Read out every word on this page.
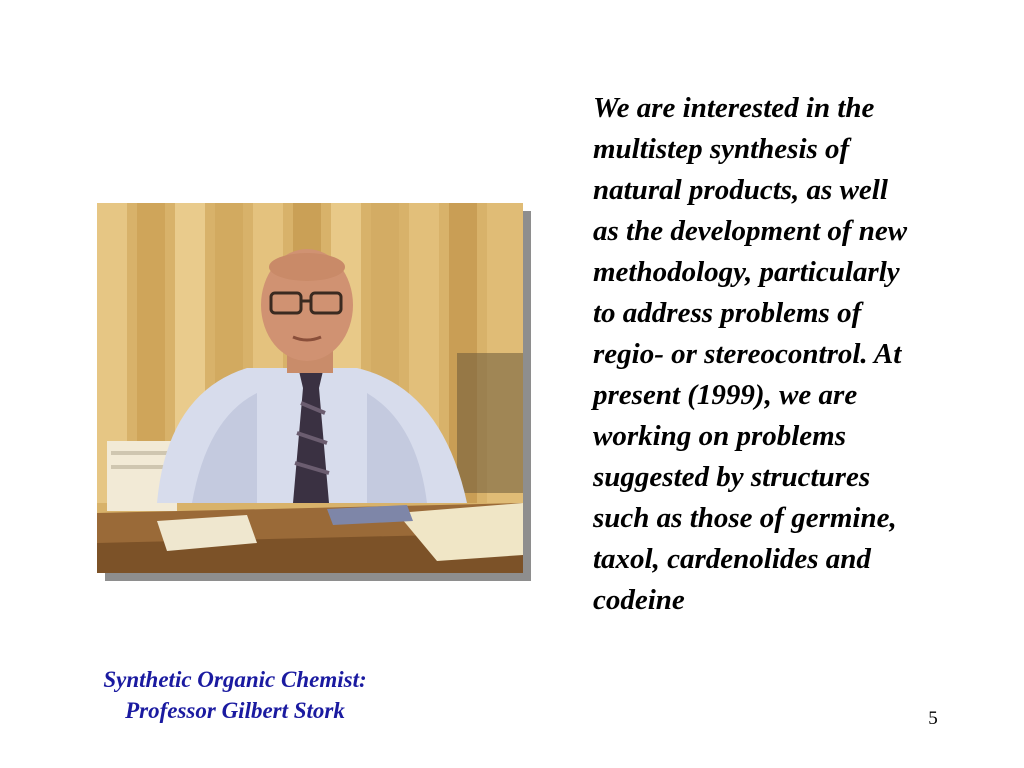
We are interested in the
multistep synthesis of
natural products, as well
as the development of new
methodology, particularly
to address problems of
regio- or stereocontrol. At
present (1999), we are
working on problems
suggested by structures
such as those of germine,
taxol, cardenolides and
codeine

Synthetic Organic Chemist:
Professor Gilbert Stork	5
